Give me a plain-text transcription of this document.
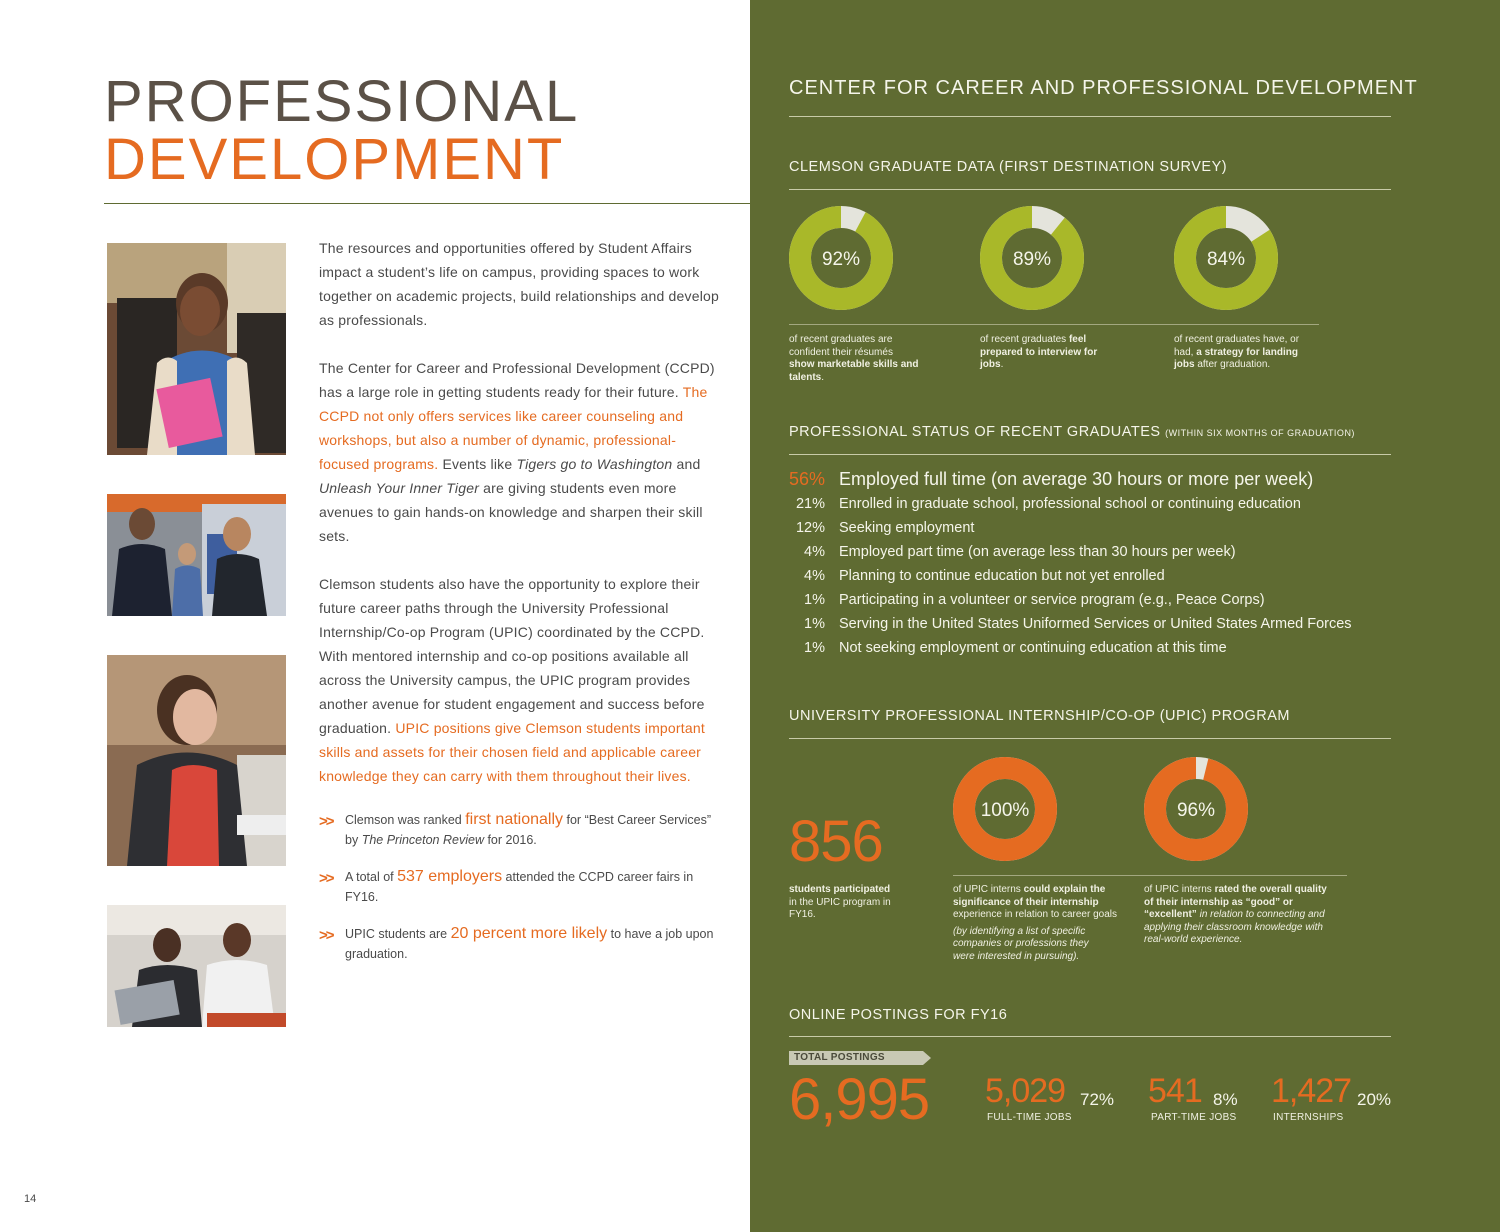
PROFESSIONAL
DEVELOPMENT

The resources and opportunities offered by Student Affairs impact a student’s life on campus, providing spaces to work together on academic projects, build relationships and develop as professionals.

The Center for Career and Professional Development (CCPD) has a large role in getting students ready for their future. The CCPD not only offers services like career counseling and workshops, but also a number of dynamic, professional-focused programs. Events like Tigers go to Washington and Unleash Your Inner Tiger are giving students even more avenues to gain hands-on knowledge and sharpen their skill sets.

Clemson students also have the opportunity to explore their future career paths through the University Professional Internship/Co-op Program (UPIC) coordinated by the CCPD. With mentored internship and co-op positions available all across the University campus, the UPIC program provides another avenue for student engagement and success before graduation. UPIC positions give Clemson students important skills and assets for their chosen field and applicable career knowledge they can carry with them throughout their lives.

>> Clemson was ranked first nationally for “Best Career Services” by The Princeton Review for 2016.
>> A total of 537 employers attended the CCPD career fairs in FY16.
>> UPIC students are 20 percent more likely to have a job upon graduation.
14
CENTER FOR CAREER AND PROFESSIONAL DEVELOPMENT
CLEMSON GRADUATE DATA (FIRST DESTINATION SURVEY)
92%	89%	84%
of recent graduates are confident their résumés show marketable skills and talents.
of recent graduates feel prepared to interview for jobs.
of recent graduates have, or had, a strategy for landing jobs after graduation.
PROFESSIONAL STATUS OF RECENT GRADUATES (WITHIN SIX MONTHS OF GRADUATION)
56% Employed full time (on average 30 hours or more per week)
21% Enrolled in graduate school, professional school or continuing education
12% Seeking employment
4% Employed part time (on average less than 30 hours per week)
4% Planning to continue education but not yet enrolled
1% Participating in a volunteer or service program (e.g., Peace Corps)
1% Serving in the United States Uniformed Services or United States Armed Forces
1% Not seeking employment or continuing education at this time
UNIVERSITY PROFESSIONAL INTERNSHIP/CO-OP (UPIC) PROGRAM
856	100%	96%
students participated in the UPIC program in FY16.
of UPIC interns could explain the significance of their internship experience in relation to career goals
(by identifying a list of specific companies or professions they were interested in pursuing).
of UPIC interns rated the overall quality of their internship as “good” or “excellent” in relation to connecting and applying their classroom knowledge with real-world experience.
ONLINE POSTINGS FOR FY16
TOTAL POSTINGS
6,995 5,029 72%
FULL-TIME JOBS
541 8%
PART-TIME JOBS
1,427 20%
INTERNSHIPS
